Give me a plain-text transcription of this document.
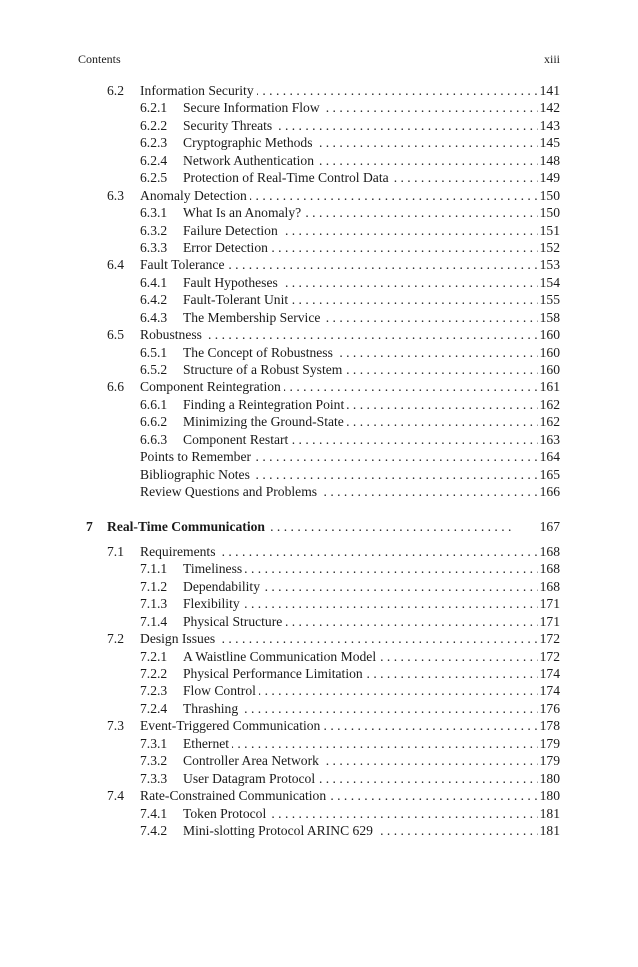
Contents	xiii
6.2 Information Security . . .	141
6.2.1 Secure Information Flow . . .	142
6.2.2 Security Threats . . .	143
6.2.3 Cryptographic Methods . . .	145
6.2.4 Network Authentication . . .	148
6.2.5 Protection of Real-Time Control Data . . .	149
6.3 Anomaly Detection . . .	150
6.3.1 What Is an Anomaly? . . .	150
6.3.2 Failure Detection . . .	151
6.3.3 Error Detection . . .	152
6.4 Fault Tolerance . . .	153
6.4.1 Fault Hypotheses . . .	154
6.4.2 Fault-Tolerant Unit . . .	155
6.4.3 The Membership Service . . .	158
6.5 Robustness . . .	160
6.5.1 The Concept of Robustness . . .	160
6.5.2 Structure of a Robust System . . .	160
6.6 Component Reintegration . . .	161
6.6.1 Finding a Reintegration Point . . .	162
6.6.2 Minimizing the Ground-State . . .	162
6.6.3 Component Restart . . .	163
Points to Remember . . .	164
Bibliographic Notes . . .	165
Review Questions and Problems . . .	166
7 Real-Time Communication . . .	167
7.1 Requirements . . .	168
7.1.1 Timeliness . . .	168
7.1.2 Dependability . . .	168
7.1.3 Flexibility . . .	171
7.1.4 Physical Structure . . .	171
7.2 Design Issues . . .	172
7.2.1 A Waistline Communication Model . . .	172
7.2.2 Physical Performance Limitation . . .	174
7.2.3 Flow Control . . .	174
7.2.4 Thrashing . . .	176
7.3 Event-Triggered Communication . . .	178
7.3.1 Ethernet . . .	179
7.3.2 Controller Area Network . . .	179
7.3.3 User Datagram Protocol . . .	180
7.4 Rate-Constrained Communication . . .	180
7.4.1 Token Protocol . . .	181
7.4.2 Mini-slotting Protocol ARINC 629 . . .	181
